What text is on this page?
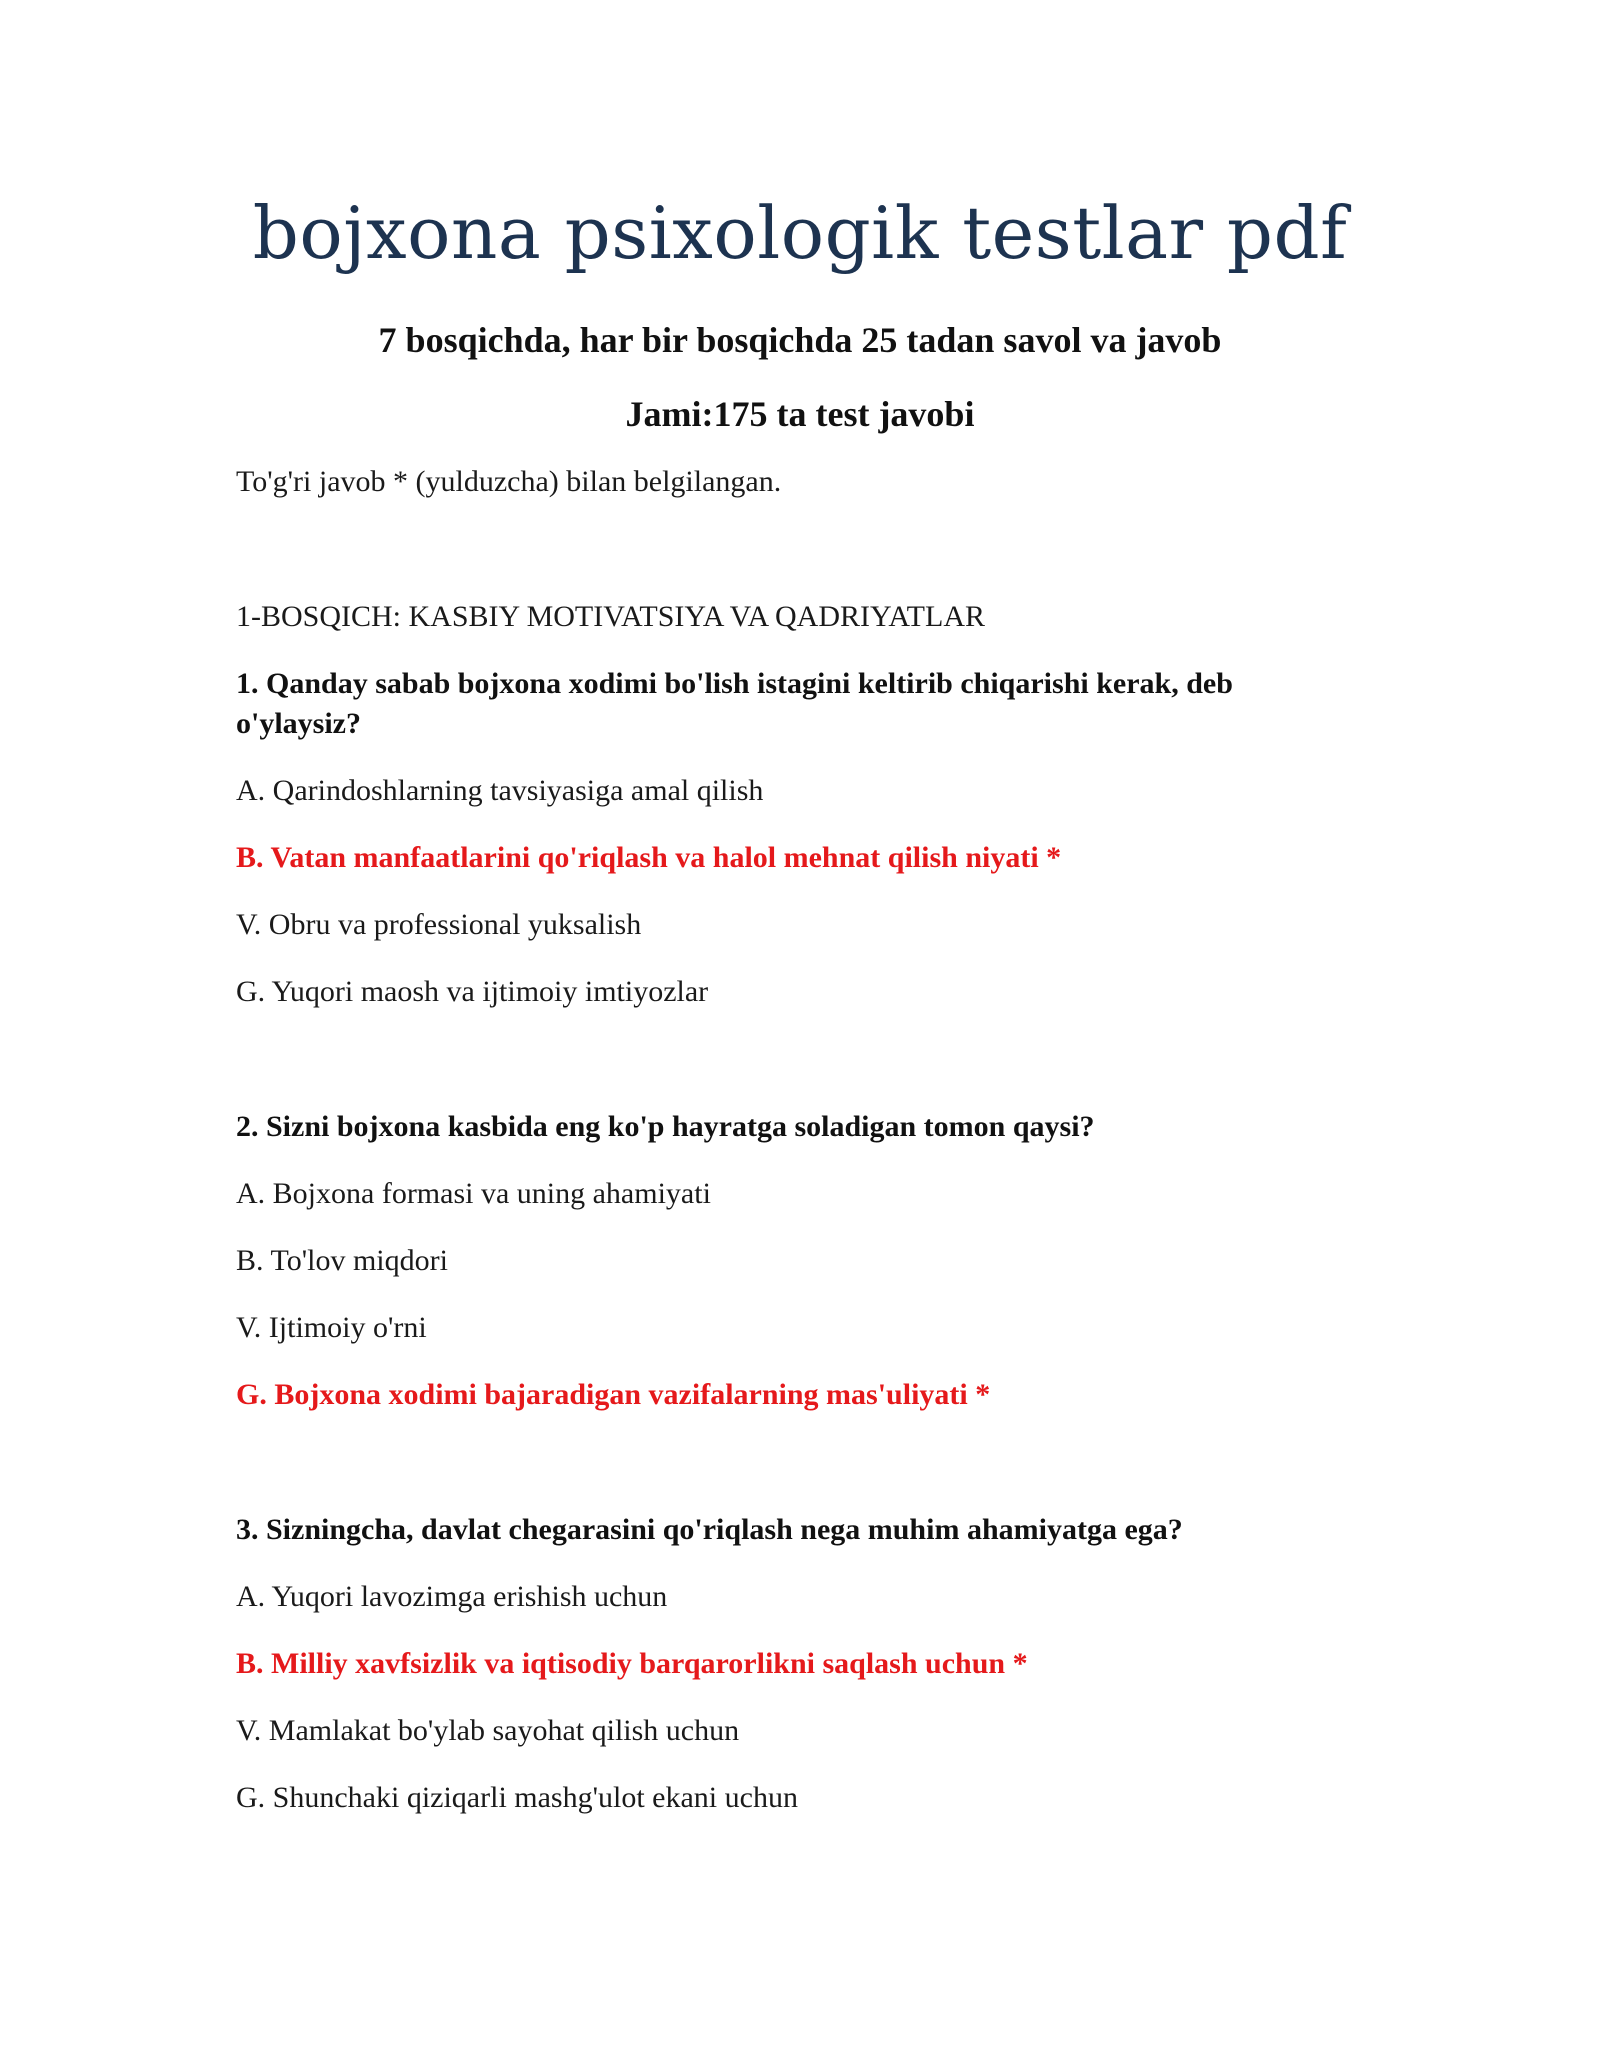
bojxona psixologik testlar pdf

7 bosqichda, har bir bosqichda 25 tadan savol va javob

Jami:175 ta test javobi

To'g'ri javob * (yulduzcha) bilan belgilangan.

1-BOSQICH: KASBIY MOTIVATSIYA VA QADRIYATLAR

1. Qanday sabab bojxona xodimi bo'lish istagini keltirib chiqarishi kerak, deb o'ylaysiz?

A. Qarindoshlarning tavsiyasiga amal qilish

B. Vatan manfaatlarini qo'riqlash va halol mehnat qilish niyati *

V. Obru va professional yuksalish

G. Yuqori maosh va ijtimoiy imtiyozlar

2. Sizni bojxona kasbida eng ko'p hayratga soladigan tomon qaysi?

A. Bojxona formasi va uning ahamiyati

B. To'lov miqdori

V. Ijtimoiy o'rni

G. Bojxona xodimi bajaradigan vazifalarning mas'uliyati *

3. Sizningcha, davlat chegarasini qo'riqlash nega muhim ahamiyatga ega?

A. Yuqori lavozimga erishish uchun

B. Milliy xavfsizlik va iqtisodiy barqarorlikni saqlash uchun *

V. Mamlakat bo'ylab sayohat qilish uchun

G. Shunchaki qiziqarli mashg'ulot ekani uchun
